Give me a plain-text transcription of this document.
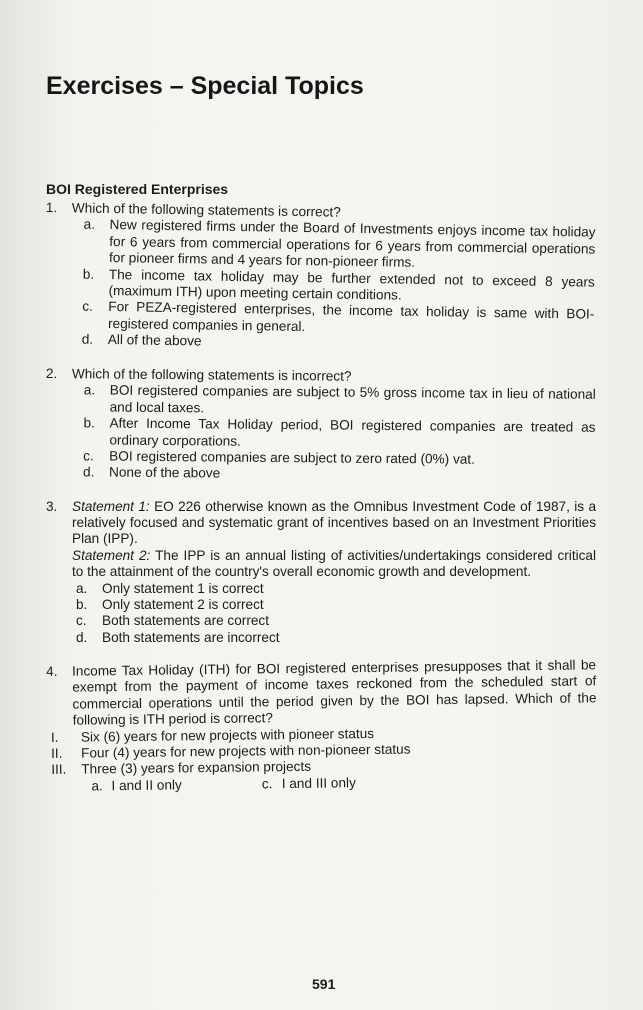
Exercises – Special Topics
BOI Registered Enterprises
1.	Which of the following statements is correct?
a.	New registered firms under the Board of Investments enjoys income tax holiday for 6 years from commercial operations for 6 years from commercial operations for pioneer firms and 4 years for non-pioneer firms.
b.	The income tax holiday may be further extended not to exceed 8 years (maximum ITH) upon meeting certain conditions.
c.	For PEZA-registered enterprises, the income tax holiday is same with BOI-registered companies in general.
d.	All of the above
2.	Which of the following statements is incorrect?
a.	BOI registered companies are subject to 5% gross income tax in lieu of national and local taxes.
b.	After Income Tax Holiday period, BOI registered companies are treated as ordinary corporations.
c.	BOI registered companies are subject to zero rated (0%) vat.
d.	None of the above
3.	Statement 1: EO 226 otherwise known as the Omnibus Investment Code of 1987, is a relatively focused and systematic grant of incentives based on an Investment Priorities Plan (IPP).
Statement 2: The IPP is an annual listing of activities/undertakings considered critical to the attainment of the country's overall economic growth and development.
a.	Only statement 1 is correct
b.	Only statement 2 is correct
c.	Both statements are correct
d.	Both statements are incorrect
4.	Income Tax Holiday (ITH) for BOI registered enterprises presupposes that it shall be exempt from the payment of income taxes reckoned from the scheduled start of commercial operations until the period given by the BOI has lapsed. Which of the following is ITH period is correct?
I.	Six (6) years for new projects with pioneer status
II.	Four (4) years for new projects with non-pioneer status
III.	Three (3) years for expansion projects
a. I and II only	c. I and III only
591
